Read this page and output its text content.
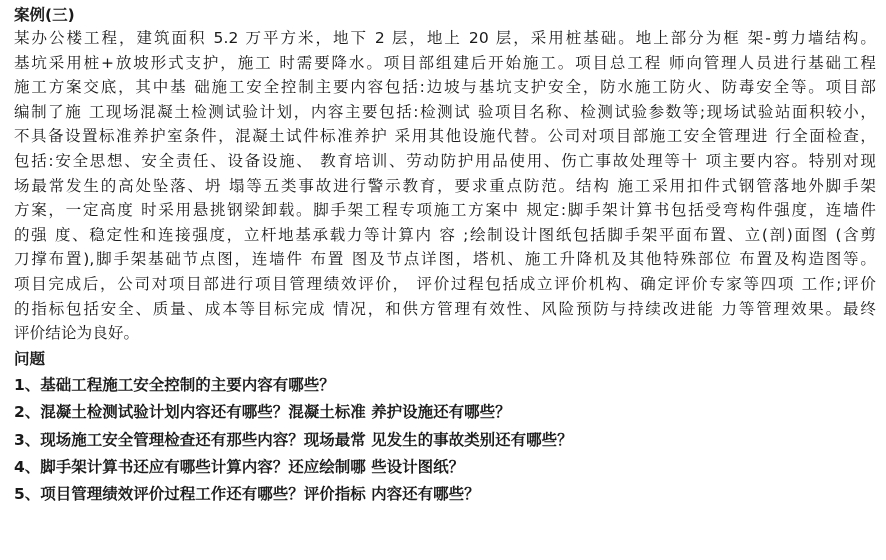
案例(三)
某办公楼工程，建筑面积 5.2 万平方米，地下 2 层，地上 20 层，采用桩基础。地上部分为框 架-剪力墙结构。
基坑采用桩+放坡形式支护，施工 时需要降水。项目部组建后开始施工。项目总工程 师向管理人员进行基础工程
施工方案交底，其中基 础施工安全控制主要内容包括:边坡与基坑支护安全，防水施工防火、防毒安全等。项目部
编制了施 工现场混凝土检测试验计划，内容主要包括:检测试 验项目名称、检测试验参数等;现场试验站面积较小，
不具备设置标准养护室条件，混凝土试件标准养护 采用其他设施代替。公司对项目部施工安全管理进 行全面检查，
包括:安全思想、安全责任、设备设施、 教育培训、劳动防护用品使用、伤亡事故处理等十 项主要内容。特别对现
场最常发生的高处坠落、坍 塌等五类事故进行警示教育，要求重点防范。结构 施工采用扣件式钢管落地外脚手架
方案，一定高度 时采用悬挑钢梁卸载。脚手架工程专项施工方案中 规定:脚手架计算书包括受弯构件强度，连墙件
的强 度、稳定性和连接强度，立杆地基承载力等计算内 容 ;绘制设计图纸包括脚手架平面布置、立(剖)面图 (含剪
刀撑布置),脚手架基础节点图，连墙件 布置 图及节点详图，塔机、施工升降机及其他特殊部位 布置及构造图等。
项目完成后，公司对项目部进行项目管理绩效评价， 评价过程包括成立评价机构、确定评价专家等四项 工作;评价
的指标包括安全、质量、成本等目标完成 情况，和供方管理有效性、风险预防与持续改进能 力等管理效果。最终
评价结论为良好。
问题
1、基础工程施工安全控制的主要内容有哪些？
2、混凝土检测试验计划内容还有哪些？混凝土标准 养护设施还有哪些？
3、现场施工安全管理检查还有那些内容？现场最常 见发生的事故类别还有哪些？
4、脚手架计算书还应有哪些计算内容？还应绘制哪 些设计图纸？
5、项目管理绩效评价过程工作还有哪些？评价指标 内容还有哪些？
